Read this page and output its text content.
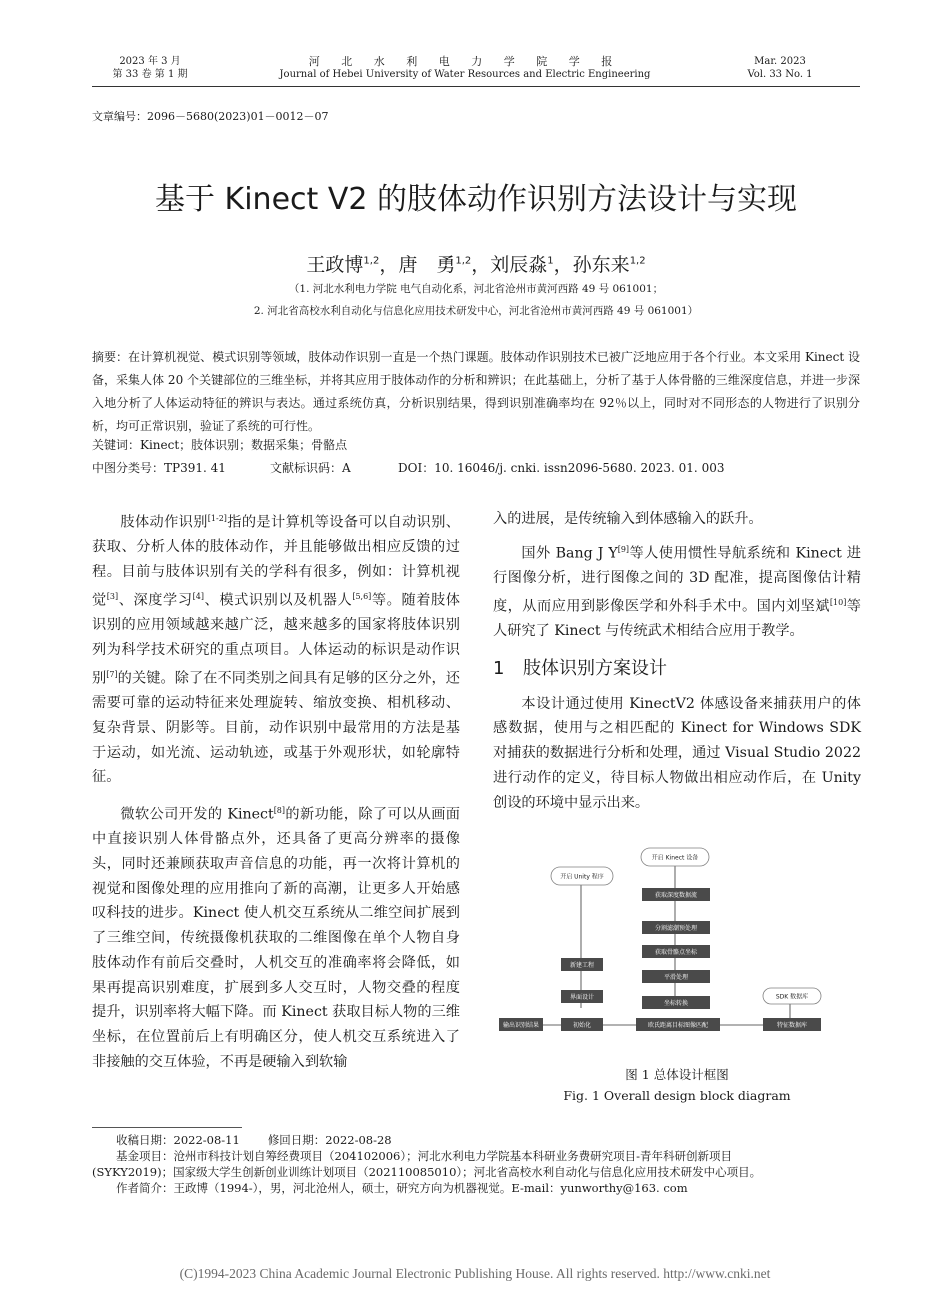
2023 年 3 月
第 33 卷 第 1 期
河 北 水 利 电 力 学 院 学 报
Journal of Hebei University of Water Resources and Electric Engineering
Mar. 2023
Vol. 33 No. 1
文章编号：2096－5680(2023)01－0012－07
基于 Kinect V2 的肢体动作识别方法设计与实现
王政博$^{1,2}$，唐　勇$^{1,2}$，刘辰淼$^1$，孙东来$^{1,2}$
（1. 河北水利电力学院 电气自动化系，河北省沧州市黄河西路 49 号 061001；
2. 河北省高校水利自动化与信息化应用技术研发中心，河北省沧州市黄河西路 49 号 061001）
摘要：在计算机视觉、模式识别等领域，肢体动作识别一直是一个热门课题。肢体动作识别技术已被广泛地应用于各个行业。本文采用 Kinect 设备，采集人体 20 个关键部位的三维坐标，并将其应用于肢体动作的分析和辨识；在此基础上，分析了基于人体骨骼的三维深度信息，并进一步深入地分析了人体运动特征的辨识与表达。通过系统仿真，分析识别结果，得到识别准确率均在 92％以上，同时对不同形态的人物进行了识别分析，均可正常识别，验证了系统的可行性。
关键词：Kinect；肢体识别；数据采集；骨骼点
中图分类号：TP391. 41	文献标识码：A	DOI：10. 16046/j. cnki. issn2096-5680. 2023. 01. 003

肢体动作识别[1-2]指的是计算机等设备可以自动识别、获取、分析人体的肢体动作，并且能够做出相应反馈的过程。目前与肢体识别有关的学科有很多，例如：计算机视觉[3]、深度学习[4]、模式识别以及机器人[5,6]等。随着肢体识别的应用领域越来越广泛，越来越多的国家将肢体识别列为科学技术研究的重点项目。人体运动的标识是动作识别[7]的关键。除了在不同类别之间具有足够的区分之外，还需要可靠的运动特征来处理旋转、缩放变换、相机移动、复杂背景、阴影等。目前，动作识别中最常用的方法是基于运动，如光流、运动轨迹，或基于外观形状，如轮廓特征。

微软公司开发的 Kinect[8]的新功能，除了可以从画面中直接识别人体骨骼点外，还具备了更高分辨率的摄像头，同时还兼顾获取声音信息的功能，再一次将计算机的视觉和图像处理的应用推向了新的高潮，让更多人开始感叹科技的进步。Kinect 使人机交互系统从二维空间扩展到了三维空间，传统摄像机获取的二维图像在单个人物自身肢体动作有前后交叠时，人机交互的准确率将会降低，如果再提高识别难度，扩展到多人交互时，人物交叠的程度提升，识别率将大幅下降。而 Kinect 获取目标人物的三维坐标，在位置前后上有明确区分，使人机交互系统进入了非接触的交互体验，不再是硬输入到软输

入的进展，是传统输入到体感输入的跃升。

国外 Bang J Y[9]等人使用惯性导航系统和 Kinect 进行图像分析，进行图像之间的 3D 配准，提高图像估计精度，从而应用到影像医学和外科手术中。国内刘坚斌[10]等人研究了 Kinect 与传统武术相结合应用于教学。

1 肢体识别方案设计

本设计通过使用 KinectV2 体感设备来捕获用户的体感数据，使用与之相匹配的 Kinect for Windows SDK 对捕获的数据进行分析和处理，通过 Visual Studio 2022 进行动作的定义，待目标人物做出相应动作后，在 Unity 创设的环境中显示出来。

开启 Kinect 设备
开启 Unity 程序
SDK 数据库
获取深度数据流
分割滤潮预处理
获取骨骼点坐标
平滑处理
坐标转换
欧氏距离目标图像匹配
新建工程
界面设计
初始化
输出识别结果	特征数据库
图 1 总体设计框图
Fig. 1 Overall design block diagram
收稿日期：2022-08-11 修回日期：2022-08-28
基金项目：沧州市科技计划自筹经费项目（204102006）；河北水利电力学院基本科研业务费研究项目-青年科研创新项目
(SYKY2019)；国家级大学生创新创业训练计划项目（202110085010）；河北省高校水利自动化与信息化应用技术研发中心项目。
作者简介：王政博（1994-），男，河北沧州人，硕士，研究方向为机器视觉。E-mail：yunworthy@163. com
(C)1994-2023 China Academic Journal Electronic Publishing House. All rights reserved. http://www.cnki.net
